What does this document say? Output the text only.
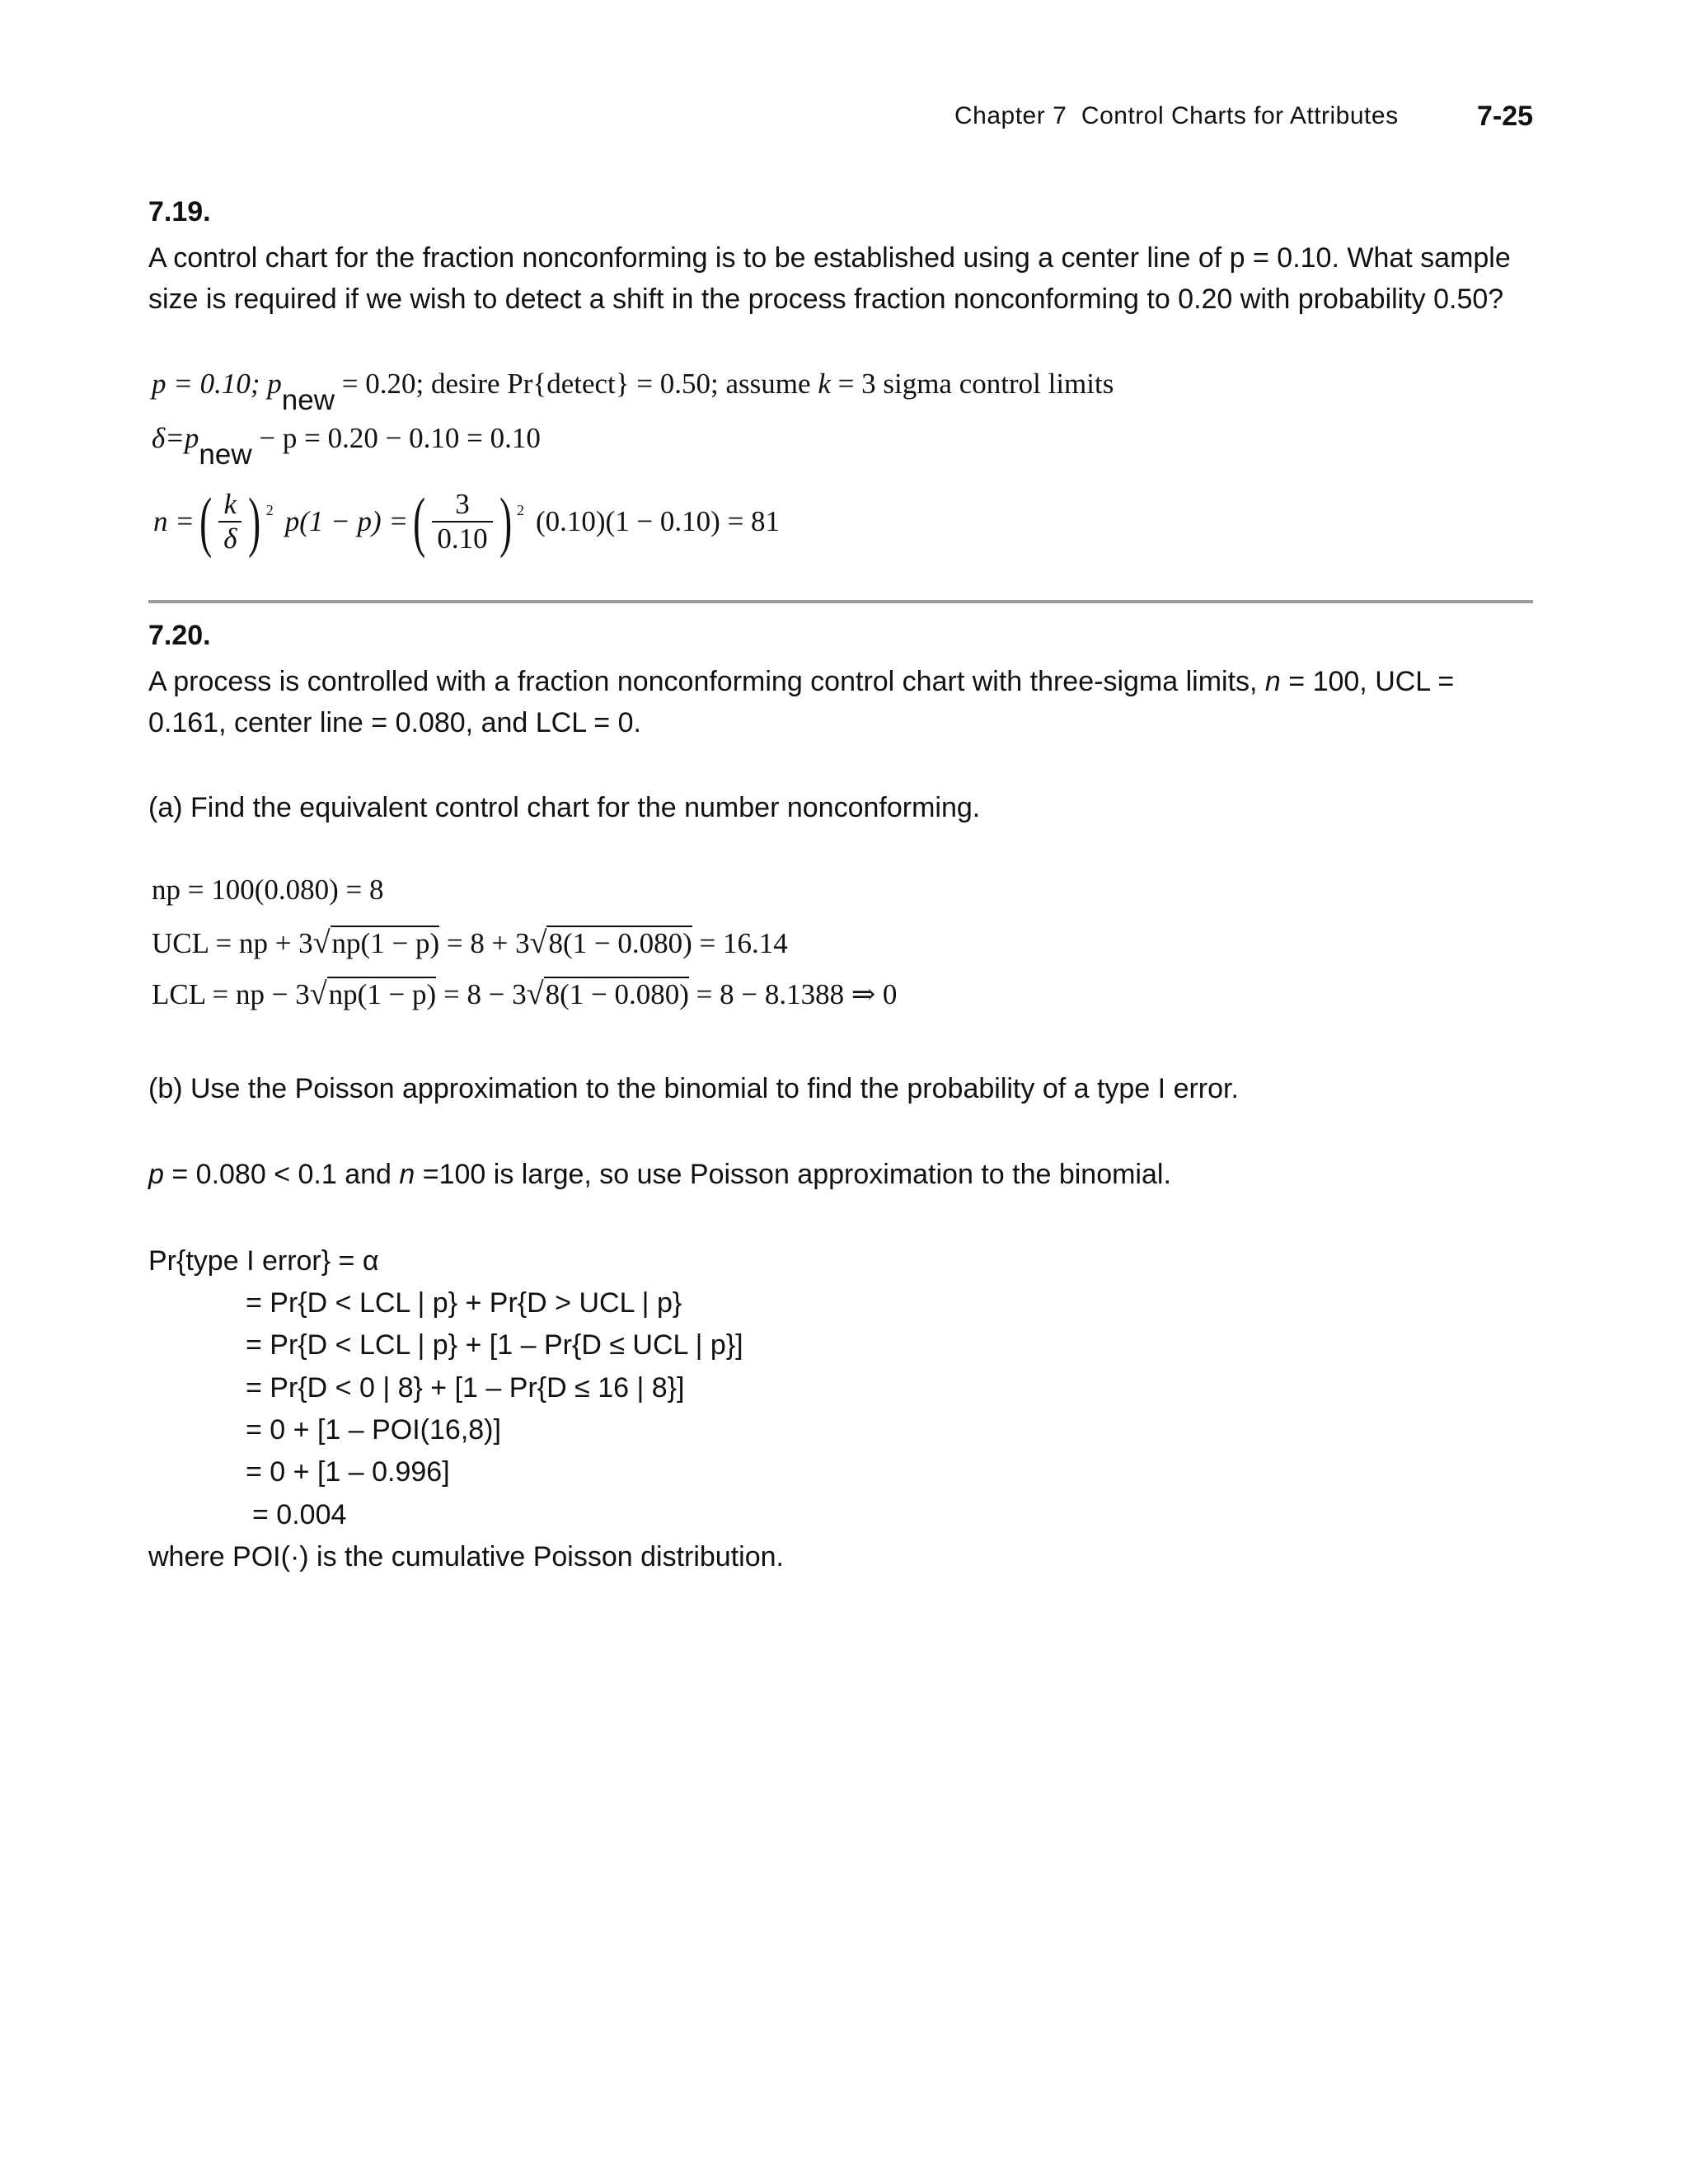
Chapter 7 Control Charts for Attributes	7-25
7.19.
A control chart for the fraction nonconforming is to be established using a center line of p = 0.10. What sample
size is required if we wish to detect a shift in the process fraction nonconforming to 0.20 with probability 0.50?
p = 0.10; pnew = 0.20; desire Pr{detect} = 0.50; assume k = 3 sigma control limits
δ=pnew − p = 0.20 − 0.10 = 0.10
n = ( $\frac{k}{\delta}$ ) 2 p(1 − p) = ( $\frac{3}{0.10}$ ) 2 (0.10)(1 − 0.10) = 81
7.20.
A process is controlled with a fraction nonconforming control chart with three-sigma limits, n = 100, UCL =
0.161, center line = 0.080, and LCL = 0.
(a) Find the equivalent control chart for the number nonconforming.
np = 100(0.080) = 8
UCL = np + 3√np(1 − p) = 8 + 3√8(1 − 0.080) = 16.14
LCL = np − 3√np(1 − p) = 8 − 3√8(1 − 0.080) = 8 − 8.1388 ⇒ 0
(b) Use the Poisson approximation to the binomial to find the probability of a type I error.
p = 0.080 < 0.1 and n =100 is large, so use Poisson approximation to the binomial.
Pr{type I error} = α
= Pr{D < LCL | p} + Pr{D > UCL | p}
= Pr{D < LCL | p} + [1 – Pr{D ≤ UCL | p}]
= Pr{D < 0 | 8} + [1 – Pr{D ≤ 16 | 8}]
= 0 + [1 – POI(16,8)]
= 0 + [1 – 0.996]
= 0.004
where POI(·) is the cumulative Poisson distribution.
